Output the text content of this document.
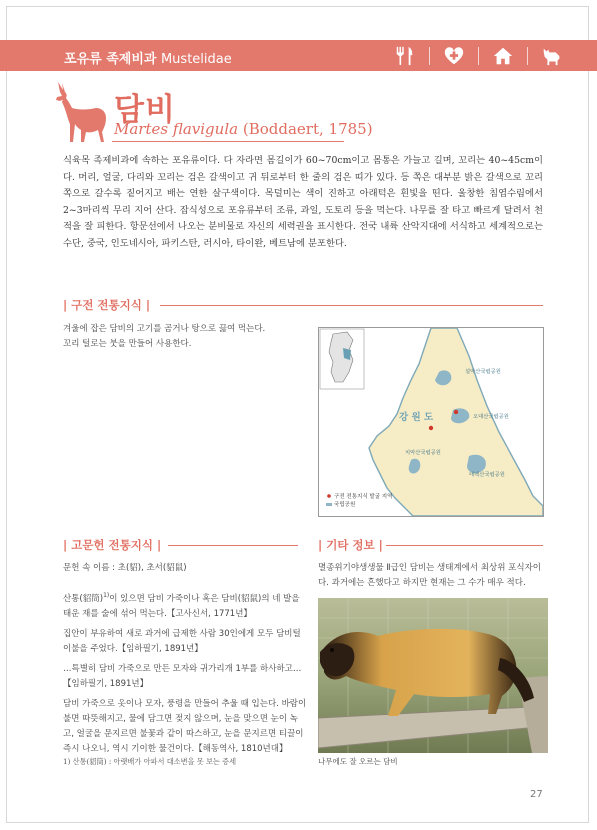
포유류 족제비과 Mustelidae
담비
Martes flavigula (Boddaert, 1785)

식육목 족제비과에 속하는 포유류이다. 다 자라면 몸길이가 60~70cm이고 몸통은 가늘고 길며, 꼬리는 40~45cm이다. 머리, 얼굴, 다리와 꼬리는 검은 갈색이고 귀 뒤로부터 한 줄의 검은 띠가 있다. 등 쪽은 대부분 밝은 갈색으로 꼬리 쪽으로 갈수록 짙어지고 배는 연한 살구색이다. 목덜미는 색이 진하고 아래턱은 흰빛을 띤다. 울창한 침엽수림에서 2~3마리씩 무리 지어 산다. 잡식성으로 포유류부터 조류, 과일, 도토리 등을 먹는다. 나무를 잘 타고 빠르게 달려서 천적을 잘 피한다. 항문선에서 나오는 분비물로 자신의 세력권을 표시한다. 전국 내륙 산악지대에 서식하고 세계적으로는 수단, 중국, 인도네시아, 파키스탄, 러시아, 타이완, 베트남에 분포한다.

| 구전 전통지식 |
겨울에 잡은 담비의 고기를 곰거나 탕으로 끓여 먹는다.
꼬리 털로는 붓을 만들어 사용한다.
설악산국립공원
오대산국립공원
치악산국립공원
태백산국립공원
강 원 도
구전 전통지식 발굴 지역
국립공원
| 고문헌 전통지식 |
문헌 속 이름 : 초(貂), 초서(貂鼠)
산통(貂筒)$^{1)}$이 있으면 담비 가죽이나 혹은 담비(貂鼠)의 네 발을 태운 재를 술에 섞어 먹는다.【고사신서, 1771년】
집안이 부유하여 새로 과거에 급제한 사람 30인에게 모두 담비털 이불을 주었다.【임하필기, 1891년】
…특별히 담비 가죽으로 만든 모자와 귀가리개 1부를 하사하고…【임하필기, 1891년】
담비 가죽으로 옷이나 모자, 풍령을 만들어 추울 때 입는다. 바람이 불면 따뜻해지고, 물에 담그면 젖지 않으며, 눈을 맞으면 눈이 녹고, 얼굴을 문지르면 불꽃과 같이 따스하고, 눈을 문지르면 티끌이 즉시 나오니, 역시 기이한 물건이다.【해동역사, 1810년대】
1) 산통(貂筒) : 아랫배가 아파서 대소변을 못 보는 증세
| 기타 정보 |
멸종위기야생생물 Ⅱ급인 담비는 생태계에서 최상위 포식자이다. 과거에는 흔했다고 하지만 현재는 그 수가 매우 적다.
나무에도 잘 오르는 담비
27
